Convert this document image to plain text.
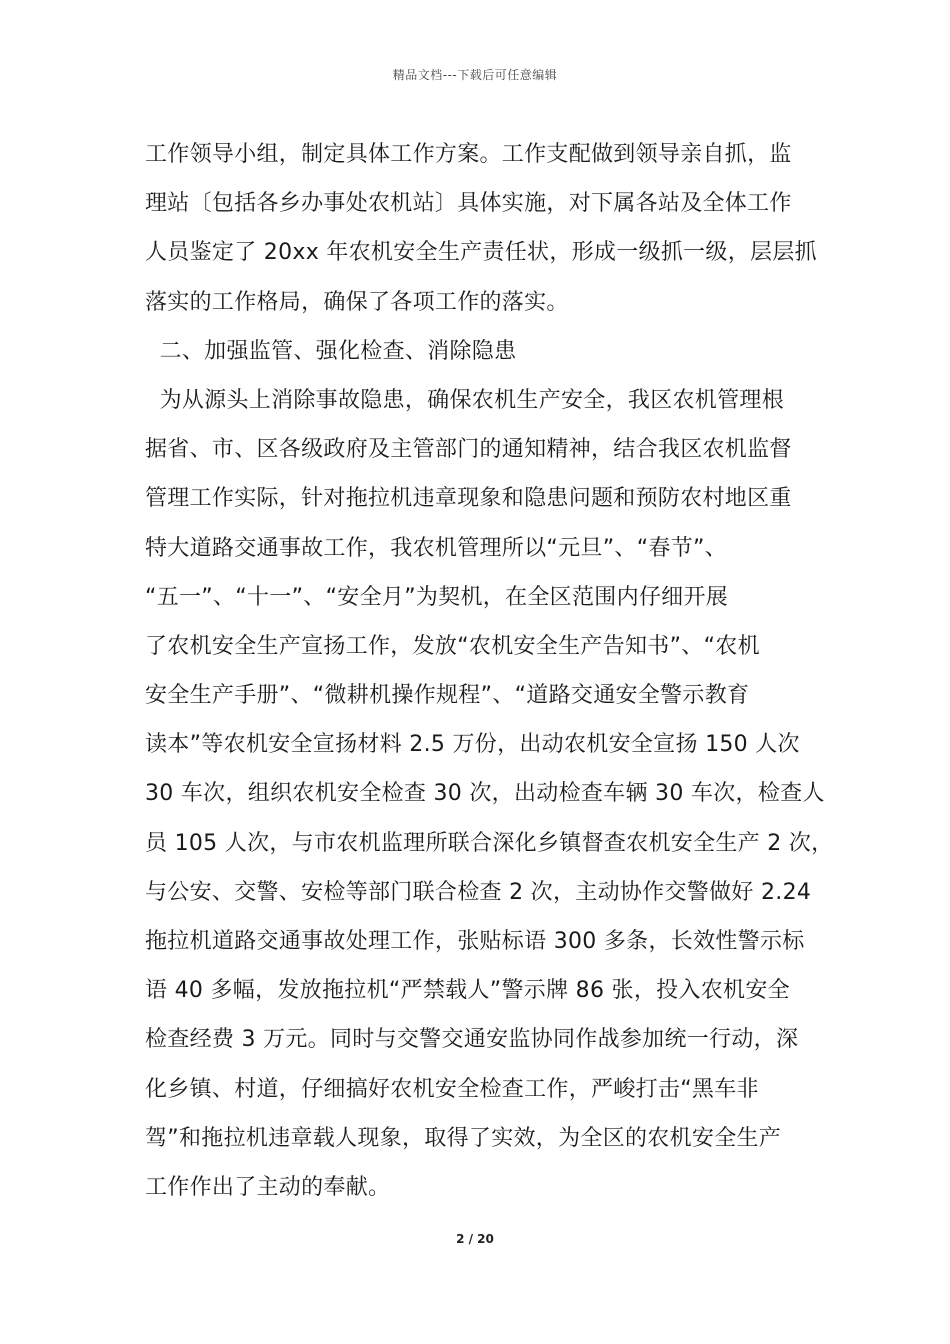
精品文档---下载后可任意编辑
工作领导小组，制定具体工作方案。工作支配做到领导亲自抓，监
理站〔包括各乡办事处农机站〕具体实施，对下属各站及全体工作
人员鉴定了 20xx 年农机安全生产责任状，形成一级抓一级，层层抓
落实的工作格局，确保了各项工作的落实。
二、加强监管、强化检查、消除隐患
为从源头上消除事故隐患，确保农机生产安全，我区农机管理根
据省、市、区各级政府及主管部门的通知精神，结合我区农机监督
管理工作实际，针对拖拉机违章现象和隐患问题和预防农村地区重
特大道路交通事故工作，我农机管理所以“元旦”、“春节”、
“五一”、“十一”、“安全月”为契机，在全区范围内仔细开展
了农机安全生产宣扬工作，发放“农机安全生产告知书”、“农机
安全生产手册”、“微耕机操作规程”、“道路交通安全警示教育
读本”等农机安全宣扬材料 2.5 万份，出动农机安全宣扬 150 人次
30 车次，组织农机安全检查 30 次，出动检查车辆 30 车次，检查人
员 105 人次，与市农机监理所联合深化乡镇督查农机安全生产 2 次，
与公安、交警、安检等部门联合检查 2 次，主动协作交警做好 2.24
拖拉机道路交通事故处理工作，张贴标语 300 多条，长效性警示标
语 40 多幅，发放拖拉机“严禁载人”警示牌 86 张，投入农机安全
检查经费 3 万元。同时与交警交通安监协同作战参加统一行动，深
化乡镇、村道，仔细搞好农机安全检查工作，严峻打击“黑车非
驾”和拖拉机违章载人现象，取得了实效，为全区的农机安全生产
工作作出了主动的奉献。
2 / 20
